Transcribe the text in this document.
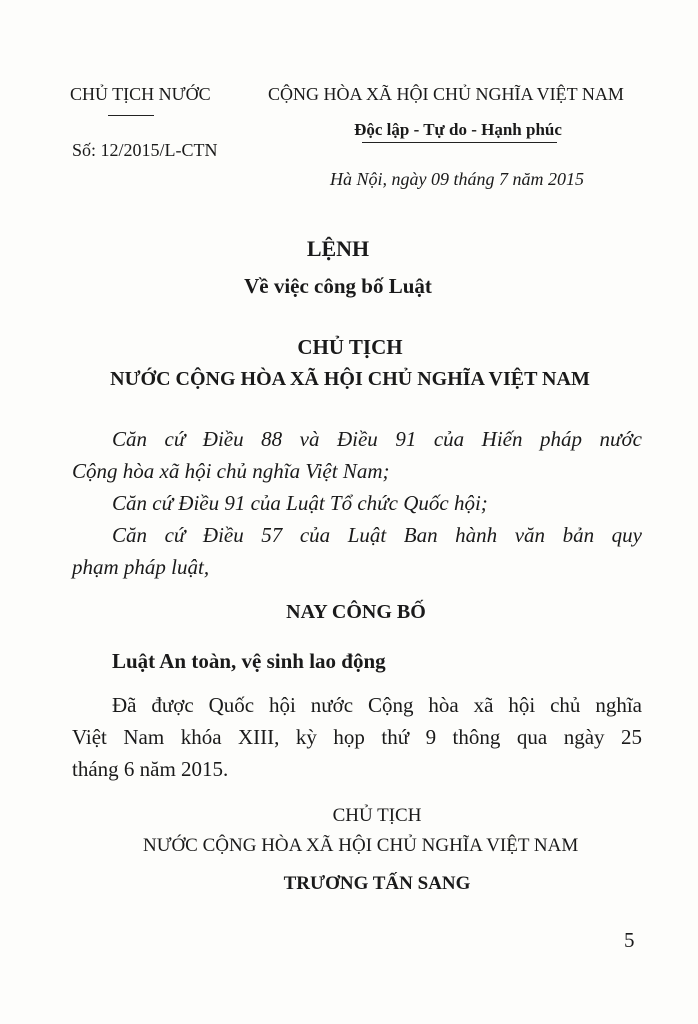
CHỦ TỊCH NƯỚC
Số: 12/2015/L-CTN
CỘNG HÒA XÃ HỘI CHỦ NGHĨA VIỆT NAM
Độc lập - Tự do - Hạnh phúc
Hà Nội, ngày 09 tháng 7 năm 2015
LỆNH
Về việc công bố Luật
CHỦ TỊCH
NƯỚC CỘNG HÒA XÃ HỘI CHỦ NGHĨA VIỆT NAM
Căn cứ Điều 88 và Điều 91 của Hiến pháp nước
Cộng hòa xã hội chủ nghĩa Việt Nam;
Căn cứ Điều 91 của Luật Tổ chức Quốc hội;
Căn cứ Điều 57 của Luật Ban hành văn bản quy
phạm pháp luật,
NAY CÔNG BỐ
Luật An toàn, vệ sinh lao động
Đã được Quốc hội nước Cộng hòa xã hội chủ nghĩa
Việt Nam khóa XIII, kỳ họp thứ 9 thông qua ngày 25
tháng 6 năm 2015.
CHỦ TỊCH
NƯỚC CỘNG HÒA XÃ HỘI CHỦ NGHĨA VIỆT NAM
TRƯƠNG TẤN SANG
5
